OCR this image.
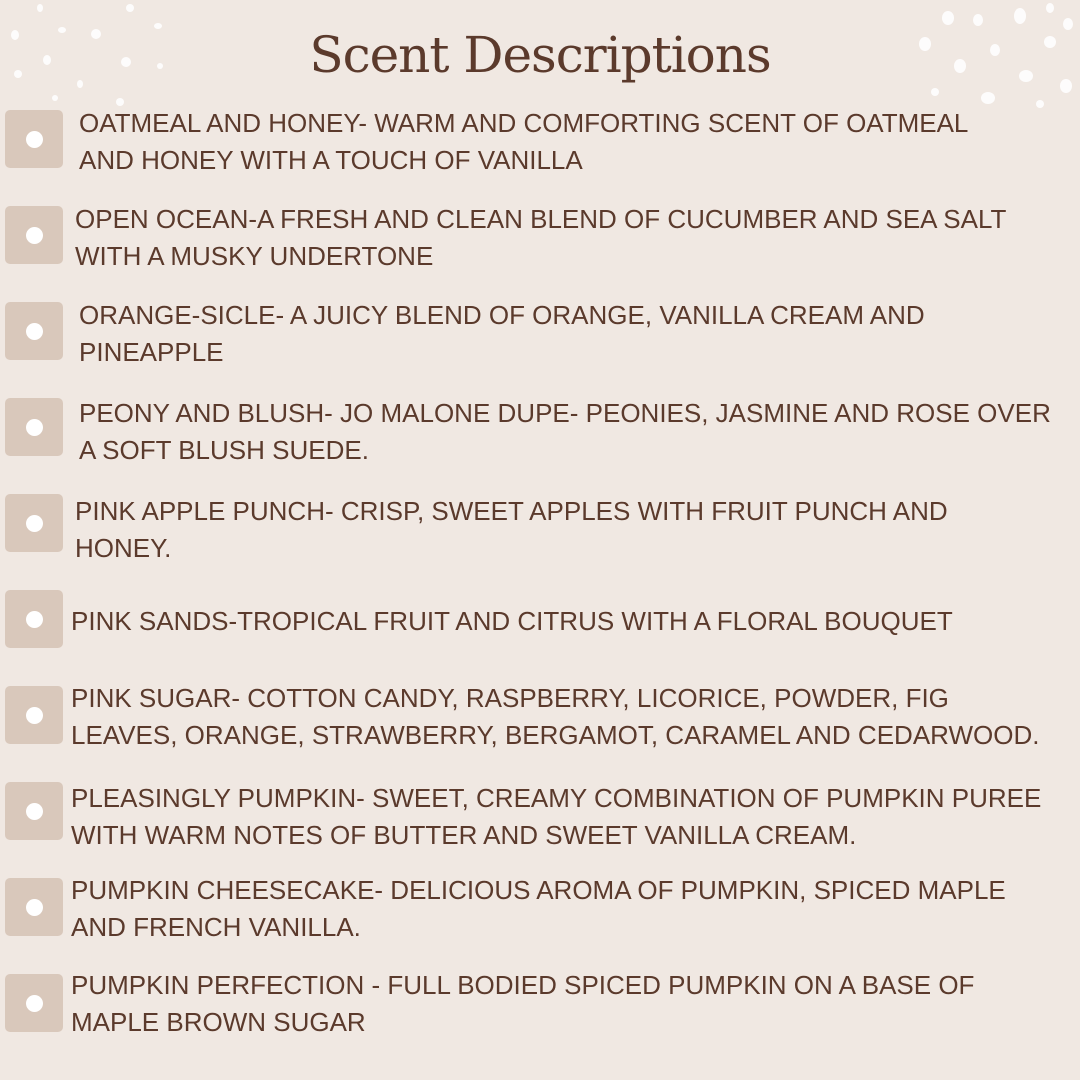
Scent Descriptions
OATMEAL AND HONEY- WARM AND COMFORTING SCENT OF OATMEAL
AND HONEY WITH A TOUCH OF VANILLA
OPEN OCEAN-A FRESH AND CLEAN BLEND OF CUCUMBER AND SEA SALT
WITH A MUSKY UNDERTONE
ORANGE-SICLE- A JUICY BLEND OF ORANGE, VANILLA CREAM AND
PINEAPPLE
PEONY AND BLUSH- JO MALONE DUPE- PEONIES, JASMINE AND ROSE OVER
A SOFT BLUSH SUEDE.
PINK APPLE PUNCH- CRISP, SWEET APPLES WITH FRUIT PUNCH AND
HONEY.
PINK SANDS-TROPICAL FRUIT AND CITRUS WITH A FLORAL BOUQUET
PINK SUGAR- COTTON CANDY, RASPBERRY, LICORICE, POWDER, FIG
LEAVES, ORANGE, STRAWBERRY, BERGAMOT, CARAMEL AND CEDARWOOD.
PLEASINGLY PUMPKIN- SWEET, CREAMY COMBINATION OF PUMPKIN PUREE
WITH WARM NOTES OF BUTTER AND SWEET VANILLA CREAM.
PUMPKIN CHEESECAKE- DELICIOUS AROMA OF PUMPKIN, SPICED MAPLE
AND FRENCH VANILLA.
PUMPKIN PERFECTION - FULL BODIED SPICED PUMPKIN ON A BASE OF
MAPLE BROWN SUGAR
